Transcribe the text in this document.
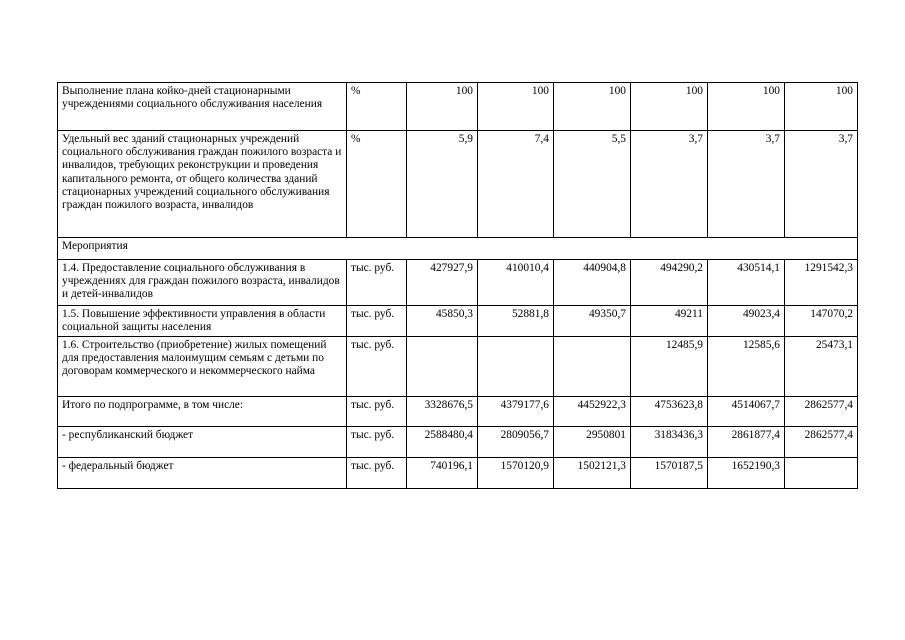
Выполнение плана койко-дней стационарными учреждениями социального обслуживания населения	%	100	100	100	100	100	100
Удельный вес зданий стационарных учреждений социального обслуживания граждан пожилого возраста и инвалидов, требующих реконструкции и проведения капитального ремонта, от общего количества зданий стационарных учреждений социального обслуживания граждан пожилого возраста, инвалидов	%	5,9	7,4	5,5	3,7	3,7	3,7
Мероприятия							
1.4. Предоставление социального обслуживания в учреждениях для граждан пожилого возраста, инвалидов и детей-инвалидов	тыс. руб.	427927,9	410010,4	440904,8	494290,2	430514,1	1291542,3
1.5. Повышение эффективности управления в области социальной защиты населения	тыс. руб.	45850,3	52881,8	49350,7	49211	49023,4	147070,2
1.6. Строительство (приобретение) жилых помещений для предоставления малоимущим семьям с детьми по договорам коммерческого и некоммерческого найма	тыс. руб.				12485,9	12585,6	25473,1
Итого по подпрограмме, в том числе:	тыс. руб.	3328676,5	4379177,6	4452922,3	4753623,8	4514067,7	2862577,4
- республиканский бюджет	тыс. руб.	2588480,4	2809056,7	2950801	3183436,3	2861877,4	2862577,4
- федеральный бюджет	тыс. руб.	740196,1	1570120,9	1502121,3	1570187,5	1652190,3	
